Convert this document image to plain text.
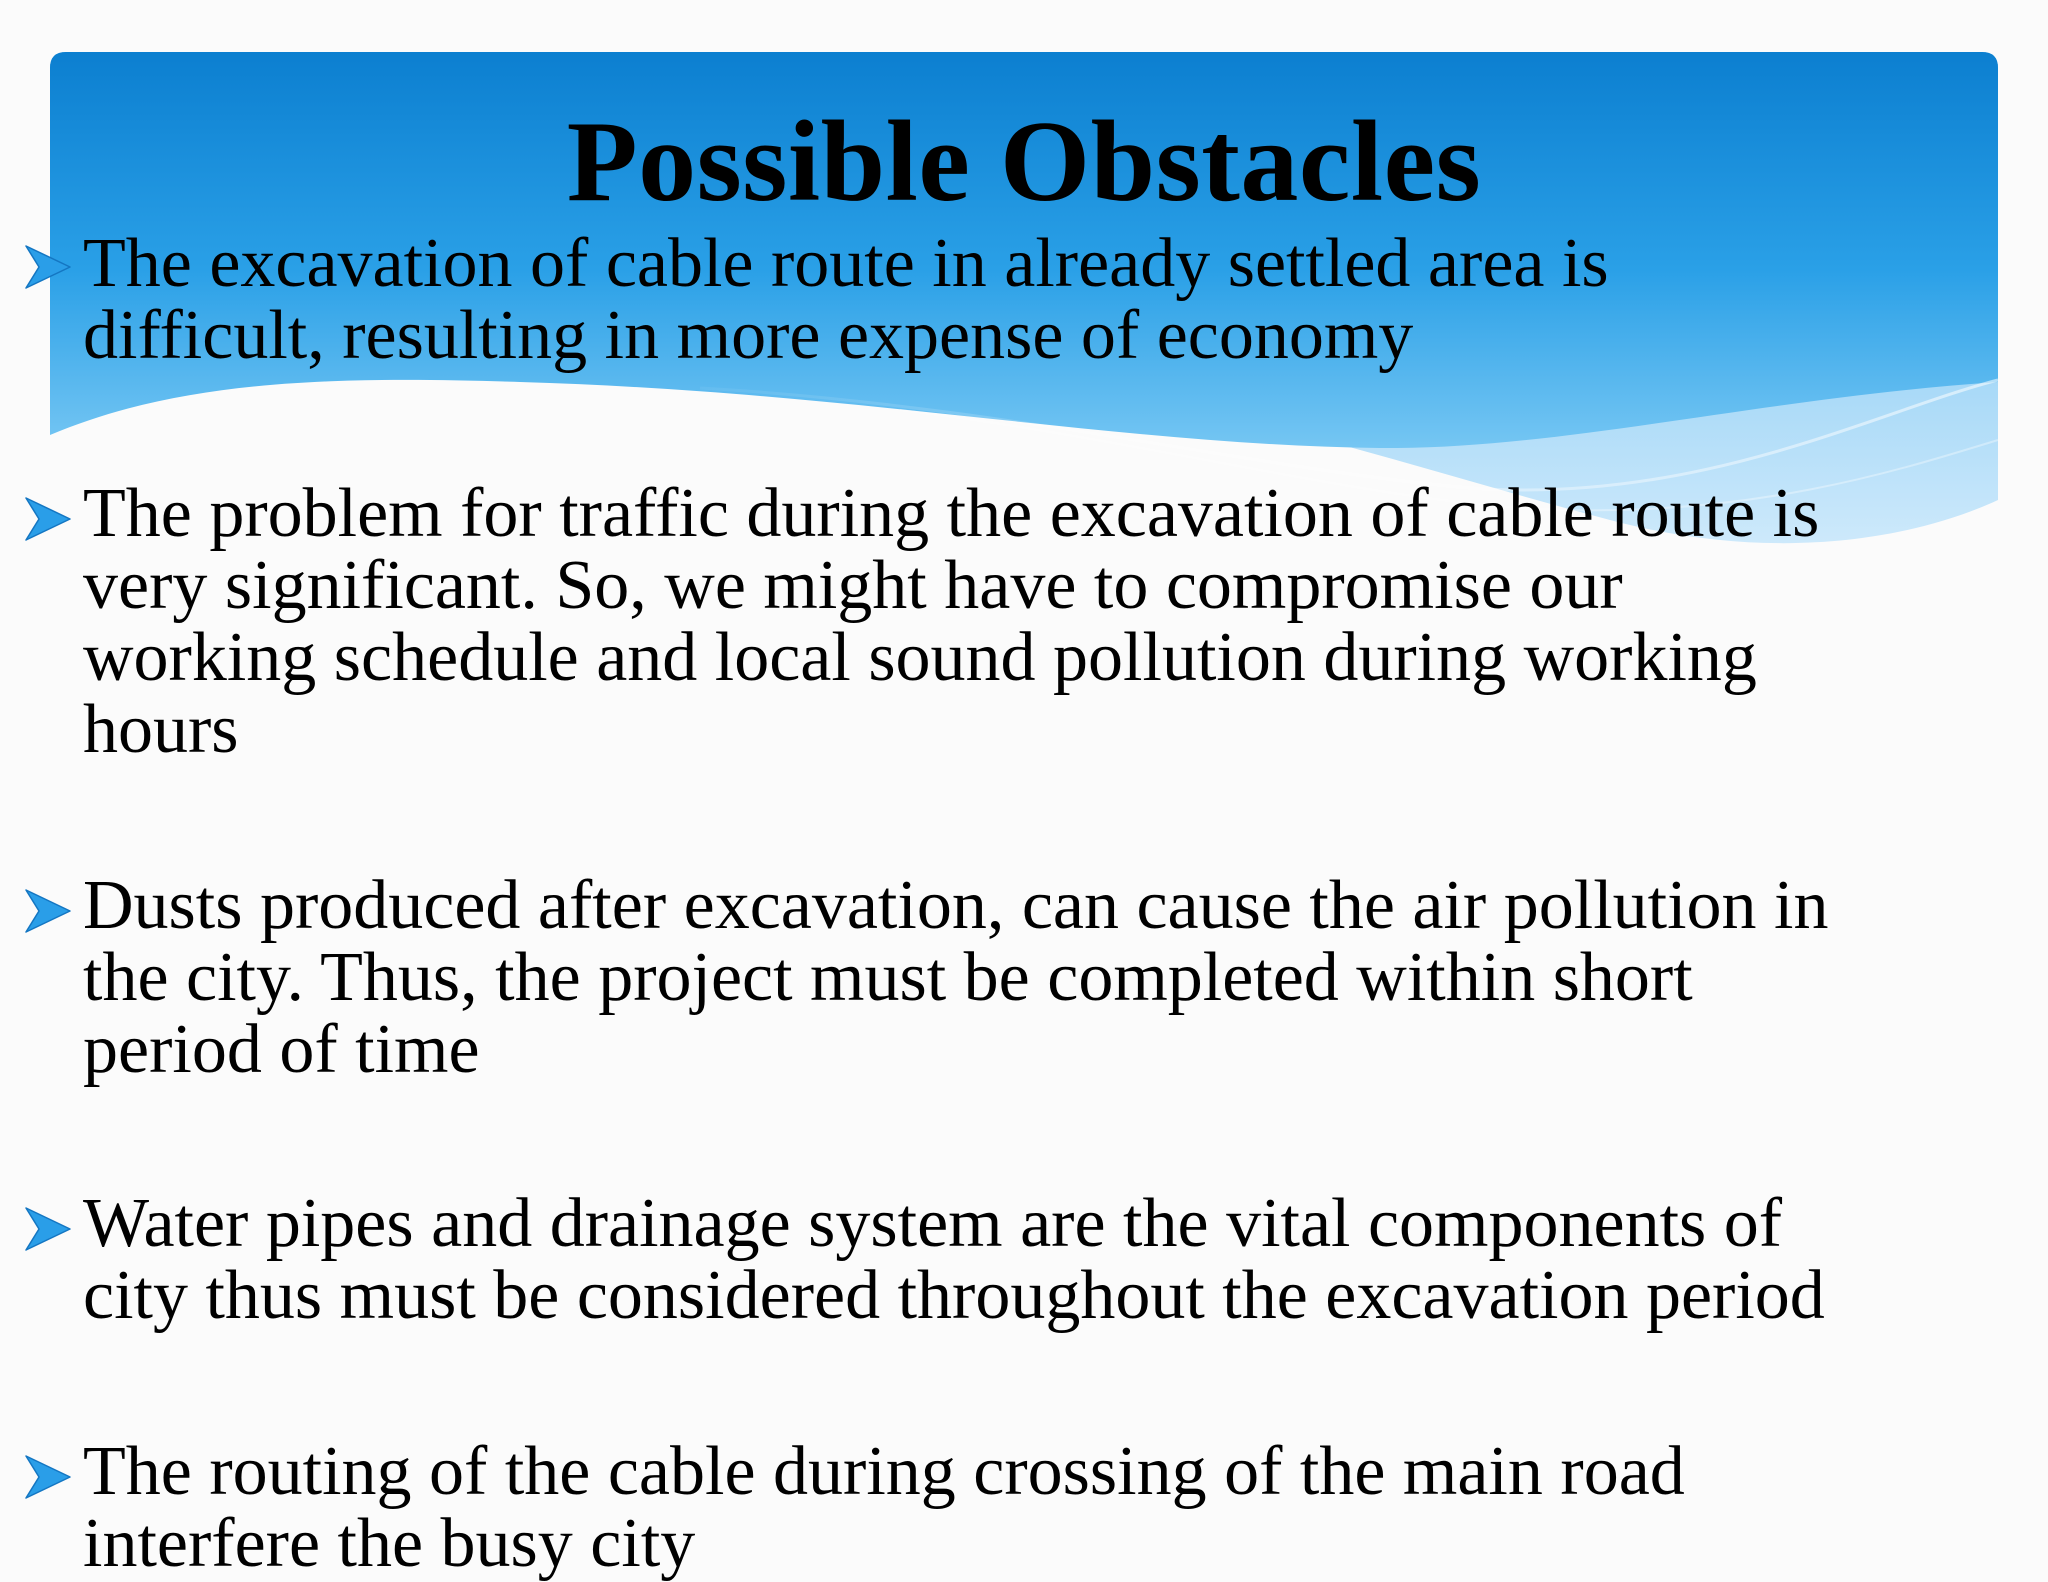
Possible Obstacles
The excavation of cable route in already settled area is
difficult, resulting in more expense of economy
The problem for traffic during the excavation of cable route is
very significant. So, we might have to compromise our
working schedule and local sound pollution during working
hours
Dusts produced after excavation, can cause the air pollution in
the city. Thus, the project must be completed within short
period of time
Water pipes and drainage system are the vital components of
city thus must be considered throughout the excavation period
The routing of the cable during crossing of the main road
interfere the busy city
